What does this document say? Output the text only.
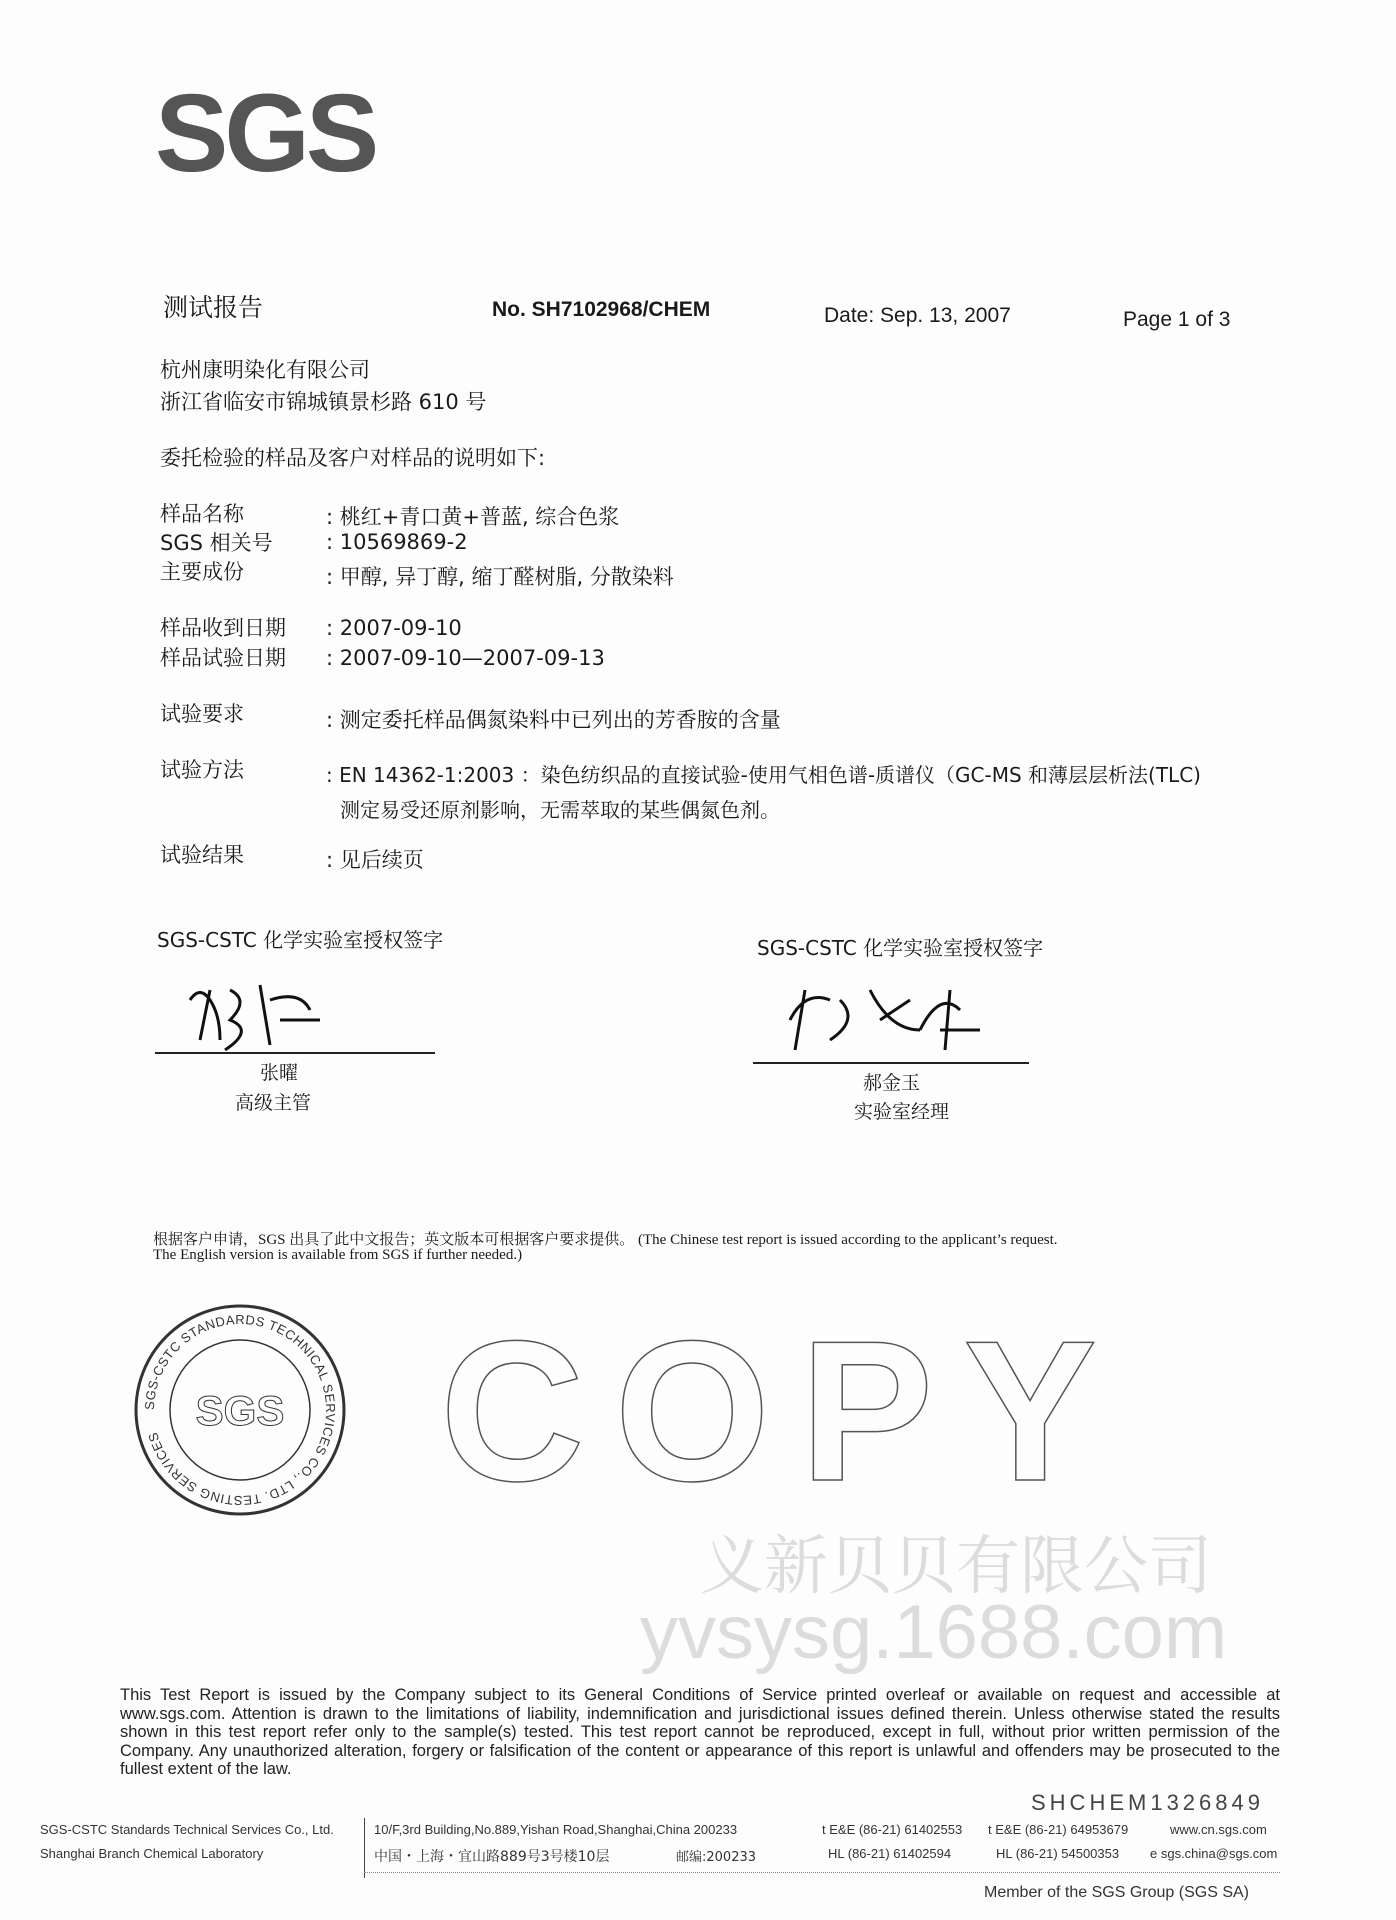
SGS
测试报告	No. SH7102968/CHEM	Date: Sep. 13, 2007	Page 1 of 3
杭州康明染化有限公司
浙江省临安市锦城镇景杉路 610 号
委托检验的样品及客户对样品的说明如下:
样品名称	: 桃红+青口黄+普蓝, 综合色浆
SGS 相关号	: 10569869-2
主要成份	: 甲醇, 异丁醇, 缩丁醛树脂, 分散染料
样品收到日期 : 2007-09-10
样品试验日期 : 2007-09-10—2007-09-13
试验要求	: 测定委托样品偶氮染料中已列出的芳香胺的含量
试验方法	: EN 14362-1:2003 ：染色纺织品的直接试验-使用气相色谱-质谱仪（GC-MS 和薄层层析法(TLC)
测定易受还原剂影响，无需萃取的某些偶氮色剂。
试验结果	: 见后续页
SGS-CSTC 化学实验室授权签字
张曜
高级主管
SGS-CSTC 化学实验室授权签字
郝金玉
实验室经理
根据客户申请，SGS 出具了此中文报告；英文版本可根据客户要求提供。 (The Chinese test report is issued according to the applicant’s request.
The English version is available from SGS if further needed.)
SGS-CSTC STANDARDS TECHNICAL SERVICES CO., LTD. TESTING SERVICES
SGS COPY
义新贝贝有限公司
yvsysg.1688.com
This Test Report is issued by the Company subject to its General Conditions of Service printed overleaf or available on request and accessible at www.sgs.com. Attention is drawn to the limitations of liability, indemnification and jurisdictional issues defined therein. Unless otherwise stated the results shown in this test report refer only to the sample(s) tested. This test report cannot be reproduced, except in full, without prior written permission of the Company. Any unauthorized alteration, forgery or falsification of the content or appearance of this report is unlawful and offenders may be prosecuted to the fullest extent of the law.
SHCHEM1326849
SGS-CSTC Standards Technical Services Co., Ltd.
Shanghai Branch Chemical Laboratory
10/F,3rd Building,No.889,Yishan Road,Shanghai,China 200233
中国・上海・宜山路889号3号楼10层	邮编:200233
t E&E (86-21) 61402553
HL (86-21) 61402594
t E&E (86-21) 64953679
HL (86-21) 54500353
www.cn.sgs.com
e sgs.china@sgs.com
Member of the SGS Group (SGS SA)
